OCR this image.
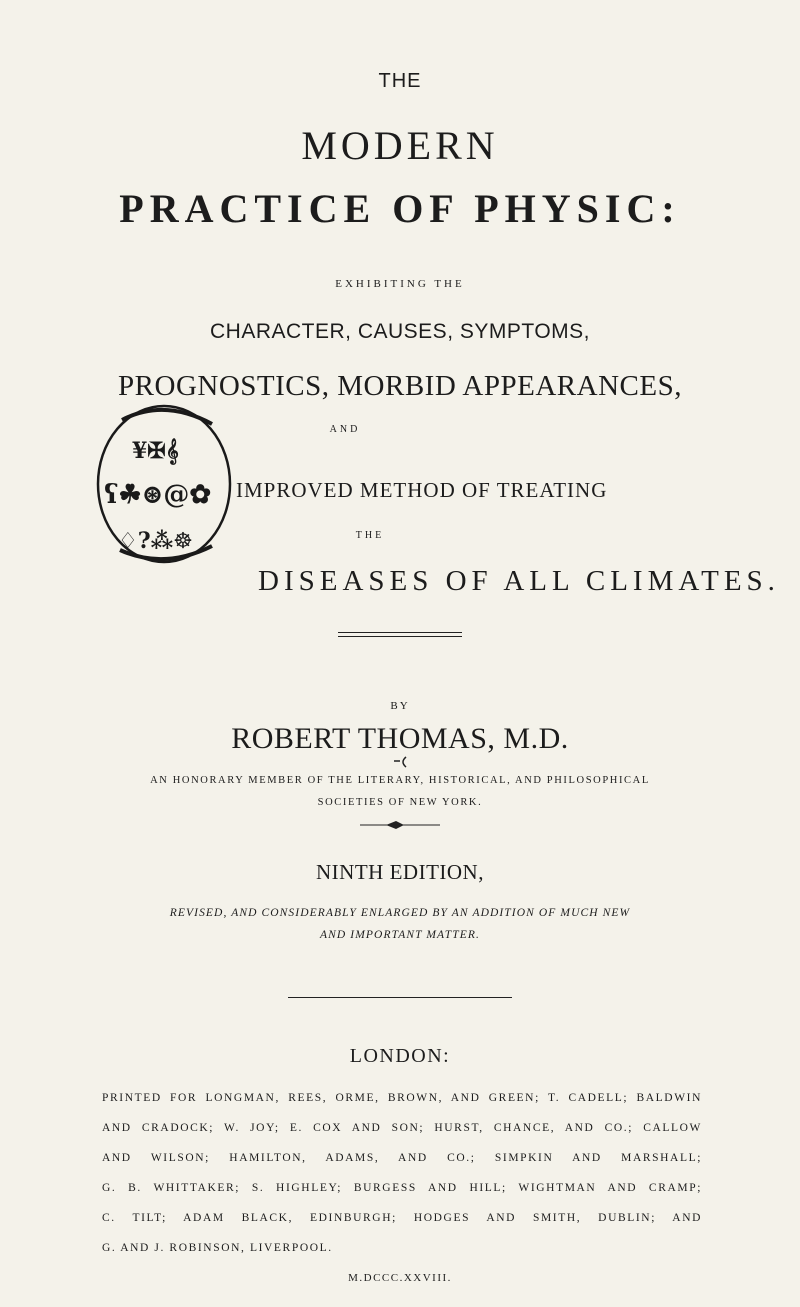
THE
MODERN
PRACTICE OF PHYSIC:
EXHIBITING THE
CHARACTER, CAUSES, SYMPTOMS,
PROGNOSTICS, MORBID APPEARANCES,
AND
IMPROVED METHOD OF TREATING
THE
DISEASES OF ALL CLIMATES.
¥✠𝄞
ʕ☘⊛@✿
♢?⁂☸
BY
ROBERT THOMAS, M.D.
AN HONORARY MEMBER OF THE LITERARY, HISTORICAL, AND PHILOSOPHICAL
SOCIETIES OF NEW YORK.
NINTH EDITION,
REVISED, AND CONSIDERABLY ENLARGED BY AN ADDITION OF MUCH NEW
AND IMPORTANT MATTER.
LONDON:
PRINTED FOR LONGMAN, REES, ORME, BROWN, AND GREEN; T. CADELL; BALDWIN
AND CRADOCK; W. JOY; E. COX AND SON; HURST, CHANCE, AND CO.; CALLOW
AND WILSON; HAMILTON, ADAMS, AND CO.; SIMPKIN AND MARSHALL;
G. B. WHITTAKER; S. HIGHLEY; BURGESS AND HILL; WIGHTMAN AND CRAMP;
C. TILT; ADAM BLACK, EDINBURGH; HODGES AND SMITH, DUBLIN; AND
G. AND J. ROBINSON, LIVERPOOL.
M.DCCC.XXVIII.
